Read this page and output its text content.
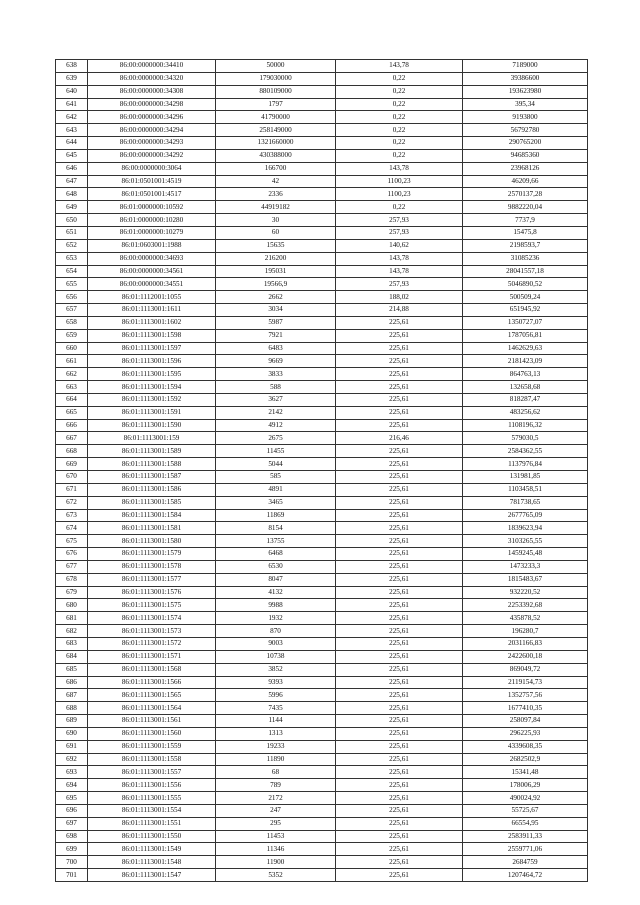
638	86:00:0000000:34410	50000	143,78	7189000
639	86:00:0000000:34320	179030000	0,22	39386600
640	86:00:0000000:34308	880109000	0,22	193623980
641	86:00:0000000:34298	1797	0,22	395,34
642	86:00:0000000:34296	41790000	0,22	9193800
643	86:00:0000000:34294	258149000	0,22	56792780
644	86:00:0000000:34293	1321660000	0,22	290765200
645	86:00:0000000:34292	430388000	0,22	94685360
646	86:00:0000000:3064	166700	143,78	23968126
647	86:01:0501001:4519	42	1100,23	46209,66
648	86:01:0501001:4517	2336	1100,23	2570137,28
649	86:01:0000000:10592	44919182	0,22	9882220,04
650	86:01:0000000:10280	30	257,93	7737,9
651	86:01:0000000:10279	60	257,93	15475,8
652	86:01:0603001:1988	15635	140,62	2198593,7
653	86:00:0000000:34693	216200	143,78	31085236
654	86:00:0000000:34561	195031	143,78	28041557,18
655	86:00:0000000:34551	19566,9	257,93	5046890,52
656	86:01:1112001:1055	2662	188,02	500509,24
657	86:01:1113001:1611	3034	214,88	651945,92
658	86:01:1113001:1602	5987	225,61	1350727,07
659	86:01:1113001:1598	7921	225,61	1787056,81
660	86:01:1113001:1597	6483	225,61	1462629,63
661	86:01:1113001:1596	9669	225,61	2181423,09
662	86:01:1113001:1595	3833	225,61	864763,13
663	86:01:1113001:1594	588	225,61	132658,68
664	86:01:1113001:1592	3627	225,61	818287,47
665	86:01:1113001:1591	2142	225,61	483256,62
666	86:01:1113001:1590	4912	225,61	1108196,32
667	86:01:1113001:159	2675	216,46	579030,5
668	86:01:1113001:1589	11455	225,61	2584362,55
669	86:01:1113001:1588	5044	225,61	1137976,84
670	86:01:1113001:1587	585	225,61	131981,85
671	86:01:1113001:1586	4891	225,61	1103458,51
672	86:01:1113001:1585	3465	225,61	781738,65
673	86:01:1113001:1584	11869	225,61	2677765,09
674	86:01:1113001:1581	8154	225,61	1839623,94
675	86:01:1113001:1580	13755	225,61	3103265,55
676	86:01:1113001:1579	6468	225,61	1459245,48
677	86:01:1113001:1578	6530	225,61	1473233,3
678	86:01:1113001:1577	8047	225,61	1815483,67
679	86:01:1113001:1576	4132	225,61	932220,52
680	86:01:1113001:1575	9988	225,61	2253392,68
681	86:01:1113001:1574	1932	225,61	435878,52
682	86:01:1113001:1573	870	225,61	196280,7
683	86:01:1113001:1572	9003	225,61	2031166,83
684	86:01:1113001:1571	10738	225,61	2422600,18
685	86:01:1113001:1568	3852	225,61	869049,72
686	86:01:1113001:1566	9393	225,61	2119154,73
687	86:01:1113001:1565	5996	225,61	1352757,56
688	86:01:1113001:1564	7435	225,61	1677410,35
689	86:01:1113001:1561	1144	225,61	258097,84
690	86:01:1113001:1560	1313	225,61	296225,93
691	86:01:1113001:1559	19233	225,61	4339608,35
692	86:01:1113001:1558	11890	225,61	2682502,9
693	86:01:1113001:1557	68	225,61	15341,48
694	86:01:1113001:1556	789	225,61	178006,29
695	86:01:1113001:1555	2172	225,61	490024,92
696	86:01:1113001:1554	247	225,61	55725,67
697	86:01:1113001:1551	295	225,61	66554,95
698	86:01:1113001:1550	11453	225,61	2583911,33
699	86:01:1113001:1549	11346	225,61	2559771,06
700	86:01:1113001:1548	11900	225,61	2684759
701	86:01:1113001:1547	5352	225,61	1207464,72
